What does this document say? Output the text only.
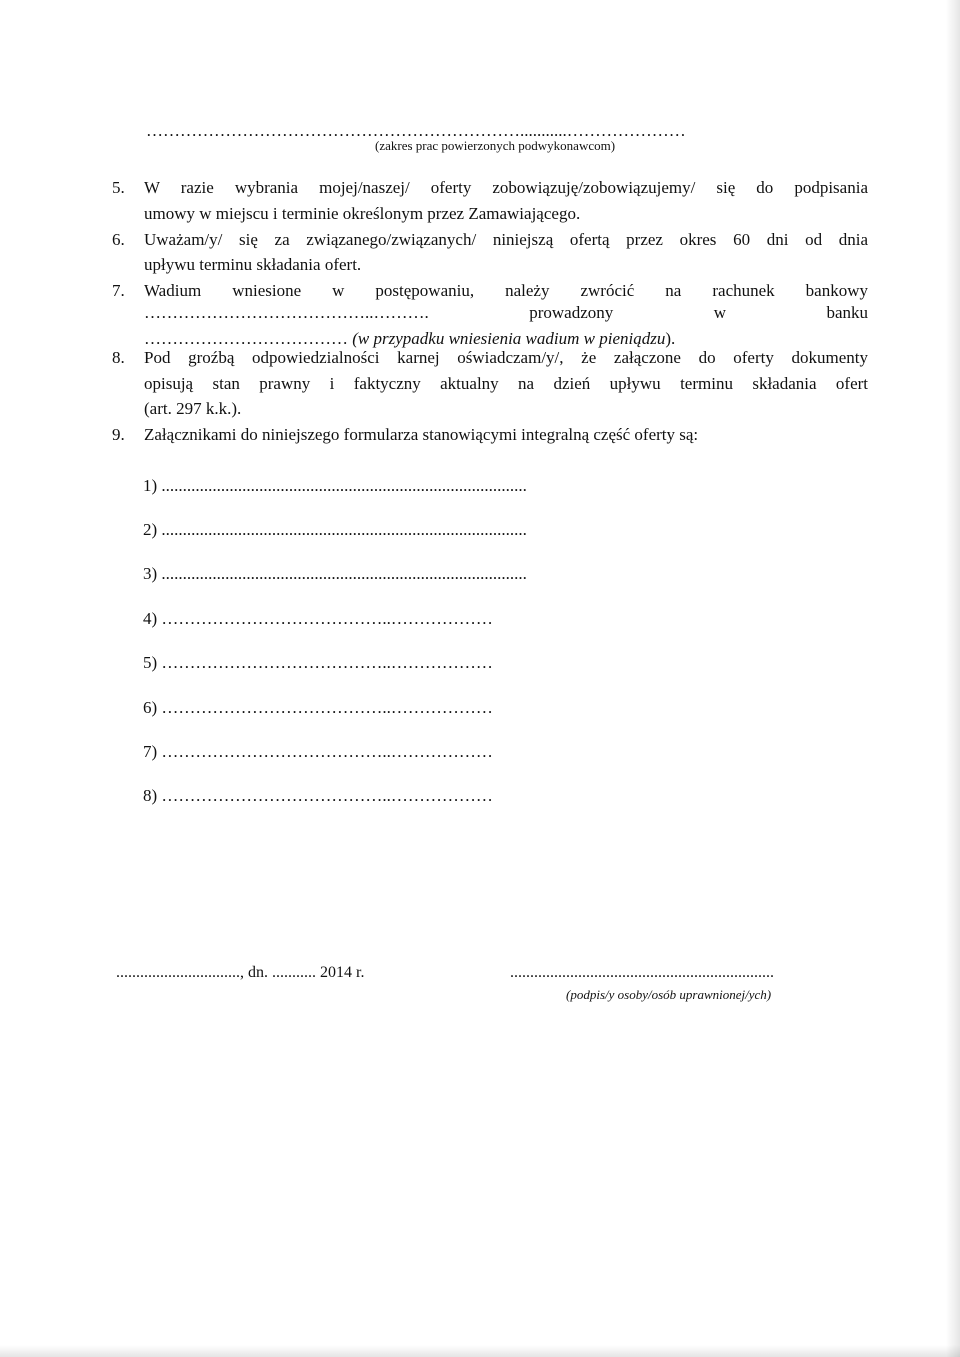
…………………………………………………………...........…………………
(zakres prac powierzonych podwykonawcom)
5. W razie wybrania mojej/naszej/ oferty zobowiązuję/zobowiązujemy/ się do podpisania
umowy w miejscu i terminie określonym przez Zamawiającego.
6. Uważam/y/ się za związanego/związanych/ niniejszą ofertą przez okres 60 dni od dnia
upływu terminu składania ofert.
7. Wadium wniesione w postępowaniu, należy zwrócić na rachunek bankowy
…………………………………..………. prowadzony w banku
……………………………… (w przypadku wniesienia wadium w pieniądzu).
8. Pod groźbą odpowiedzialności karnej oświadczam/y/, że załączone do oferty dokumenty
opisują stan prawny i faktyczny aktualny na dzień upływu terminu składania ofert
(art. 297 k.k.).
9. Załącznikami do niniejszego formularza stanowiącymi integralną część oferty są:
1) ......................................................................................
2) ......................................................................................
3) ......................................................................................
4) …………………………………..………………
5) …………………………………..………………
6) …………………………………..………………
7) …………………………………..………………
8) …………………………………..………………
..............................., dn. ........... 2014 r.	..................................................................
(podpis/y osoby/osób uprawnionej/ych)
